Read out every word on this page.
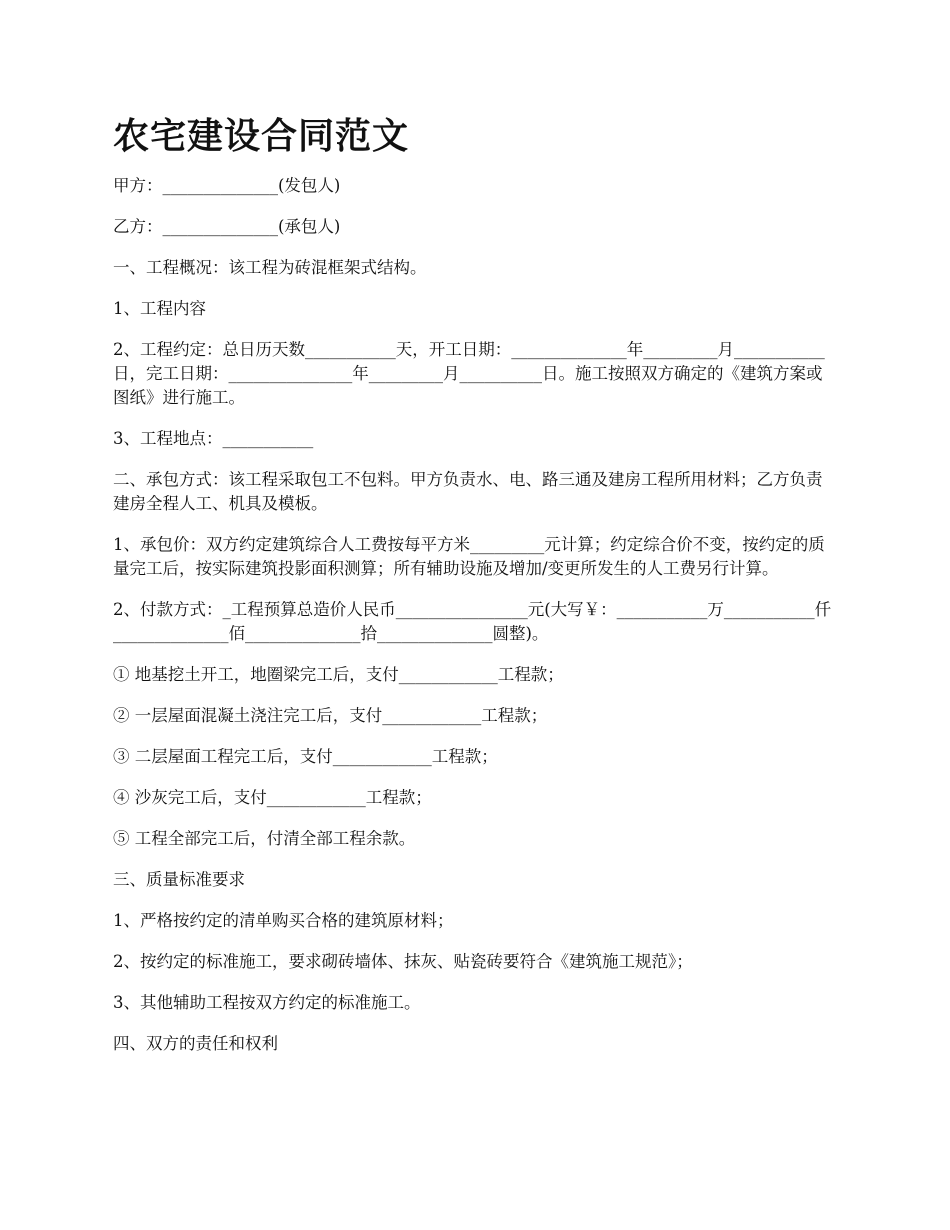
农宅建设合同范文

甲方：______________(发包人)

乙方：______________(承包人)

一、工程概况：该工程为砖混框架式结构。

1、工程内容

2、工程约定：总日历天数___________天，开工日期：______________年_________月___________日，完工日期：_______________年_________月__________日。施工按照双方确定的《建筑方案或图纸》进行施工。

3、工程地点：___________

二、承包方式：该工程采取包工不包料。甲方负责水、电、路三通及建房工程所用材料；乙方负责建房全程人工、机具及模板。

1、承包价：双方约定建筑综合人工费按每平方米_________元计算；约定综合价不变，按约定的质量完工后，按实际建筑投影面积测算；所有辅助设施及增加/变更所发生的人工费另行计算。

2、付款方式：_工程预算总造价人民币________________元(大写￥：___________万___________仟______________佰______________拾______________圆整)。

① 地基挖土开工，地圈梁完工后，支付____________工程款；

② 一层屋面混凝土浇注完工后，支付____________工程款；

③ 二层屋面工程完工后，支付____________工程款；

④ 沙灰完工后，支付____________工程款；

⑤ 工程全部完工后，付清全部工程余款。

三、质量标准要求

1、严格按约定的清单购买合格的建筑原材料；

2、按约定的标准施工，要求砌砖墙体、抹灰、贴瓷砖要符合《建筑施工规范》；

3、其他辅助工程按双方约定的标准施工。

四、双方的责任和权利
